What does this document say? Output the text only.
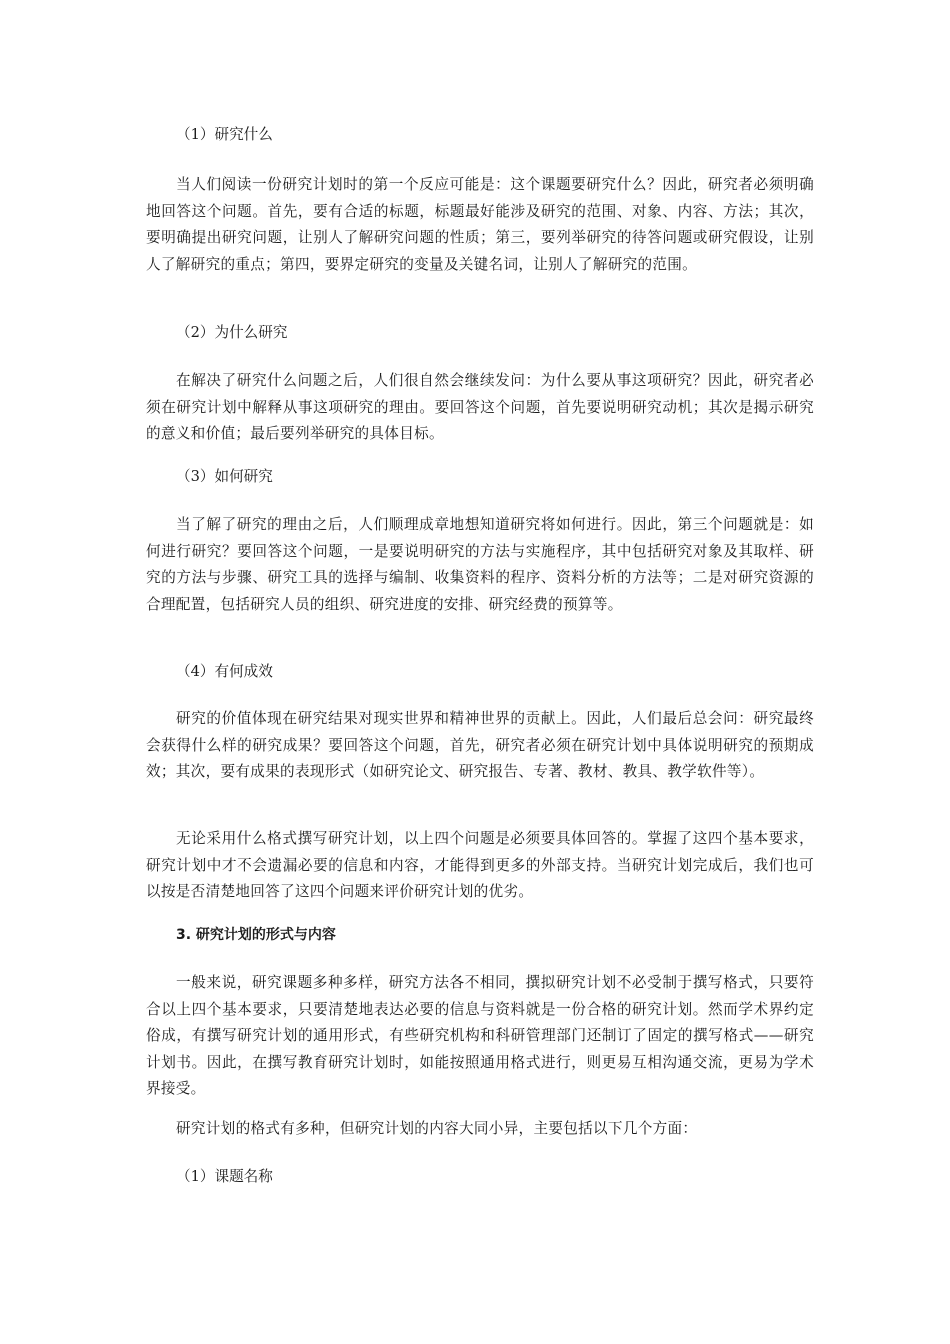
（1）研究什么

当人们阅读一份研究计划时的第一个反应可能是：这个课题要研究什么？因此，研究者必须明确地回答这个问题。首先，要有合适的标题，标题最好能涉及研究的范围、对象、内容、方法；其次，要明确提出研究问题，让别人了解研究问题的性质；第三，要列举研究的待答问题或研究假设，让别人了解研究的重点；第四，要界定研究的变量及关键名词，让别人了解研究的范围。

（2）为什么研究

在解决了研究什么问题之后，人们很自然会继续发问：为什么要从事这项研究？因此，研究者必须在研究计划中解释从事这项研究的理由。要回答这个问题，首先要说明研究动机；其次是揭示研究的意义和价值；最后要列举研究的具体目标。

（3）如何研究

当了解了研究的理由之后，人们顺理成章地想知道研究将如何进行。因此，第三个问题就是：如何进行研究？要回答这个问题，一是要说明研究的方法与实施程序，其中包括研究对象及其取样、研究的方法与步骤、研究工具的选择与编制、收集资料的程序、资料分析的方法等；二是对研究资源的合理配置，包括研究人员的组织、研究进度的安排、研究经费的预算等。

（4）有何成效

研究的价值体现在研究结果对现实世界和精神世界的贡献上。因此，人们最后总会问：研究最终会获得什么样的研究成果？要回答这个问题，首先，研究者必须在研究计划中具体说明研究的预期成效；其次，要有成果的表现形式（如研究论文、研究报告、专著、教材、教具、教学软件等）。

无论采用什么格式撰写研究计划，以上四个问题是必须要具体回答的。掌握了这四个基本要求，研究计划中才不会遗漏必要的信息和内容，才能得到更多的外部支持。当研究计划完成后，我们也可以按是否清楚地回答了这四个问题来评价研究计划的优劣。

3. 研究计划的形式与内容

一般来说，研究课题多种多样，研究方法各不相同，撰拟研究计划不必受制于撰写格式，只要符合以上四个基本要求，只要清楚地表达必要的信息与资料就是一份合格的研究计划。然而学术界约定俗成，有撰写研究计划的通用形式，有些研究机构和科研管理部门还制订了固定的撰写格式——研究计划书。因此，在撰写教育研究计划时，如能按照通用格式进行，则更易互相沟通交流，更易为学术界接受。

研究计划的格式有多种，但研究计划的内容大同小异，主要包括以下几个方面：

（1）课题名称
